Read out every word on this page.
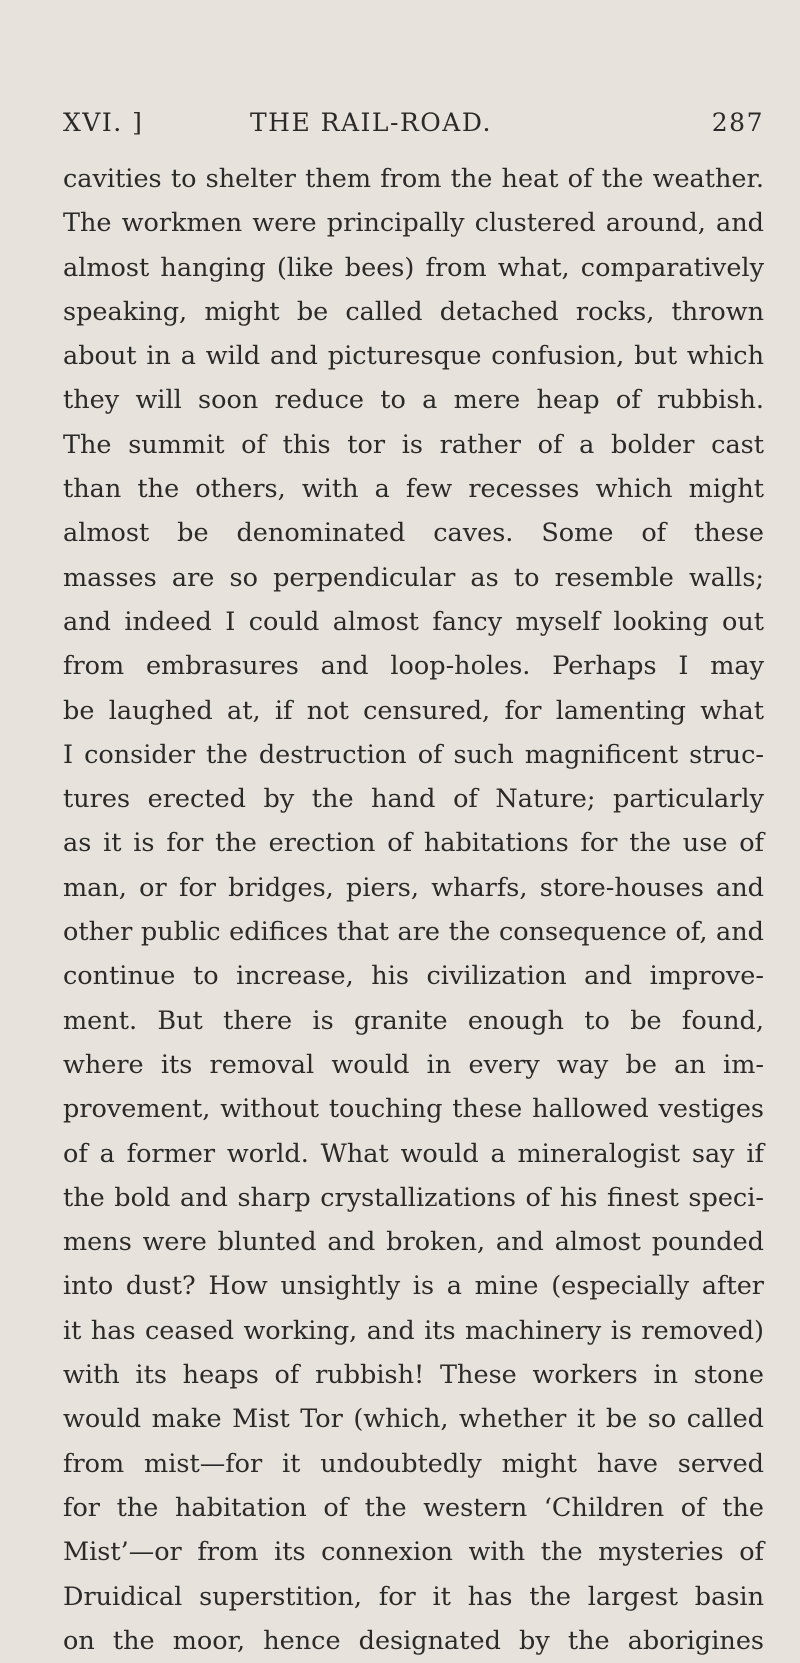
XVI. ]	THE RAIL-ROAD.	287
cavities to shelter them from the heat of the weather.
The workmen were principally clustered around, and
almost hanging (like bees) from what, comparatively
speaking, might be called detached rocks, thrown
about in a wild and picturesque confusion, but which
they will soon reduce to a mere heap of rubbish.
The summit of this tor is rather of a bolder cast
than the others, with a few recesses which might
almost be denominated caves. Some of these
masses are so perpendicular as to resemble walls;
and indeed I could almost fancy myself looking out
from embrasures and loop-holes. Perhaps I may
be laughed at, if not censured, for lamenting what
I consider the destruction of such magnificent struc-
tures erected by the hand of Nature; particularly
as it is for the erection of habitations for the use of
man, or for bridges, piers, wharfs, store-houses and
other public edifices that are the consequence of, and
continue to increase, his civilization and improve-
ment. But there is granite enough to be found,
where its removal would in every way be an im-
provement, without touching these hallowed vestiges
of a former world. What would a mineralogist say if
the bold and sharp crystallizations of his finest speci-
mens were blunted and broken, and almost pounded
into dust? How unsightly is a mine (especially after
it has ceased working, and its machinery is removed)
with its heaps of rubbish! These workers in stone
would make Mist Tor (which, whether it be so called
from mist—for it undoubtedly might have served
for the habitation of the western ‘Children of the
Mist’—or from its connexion with the mysteries of
Druidical superstition, for it has the largest basin
on the moor, hence designated by the aborigines
